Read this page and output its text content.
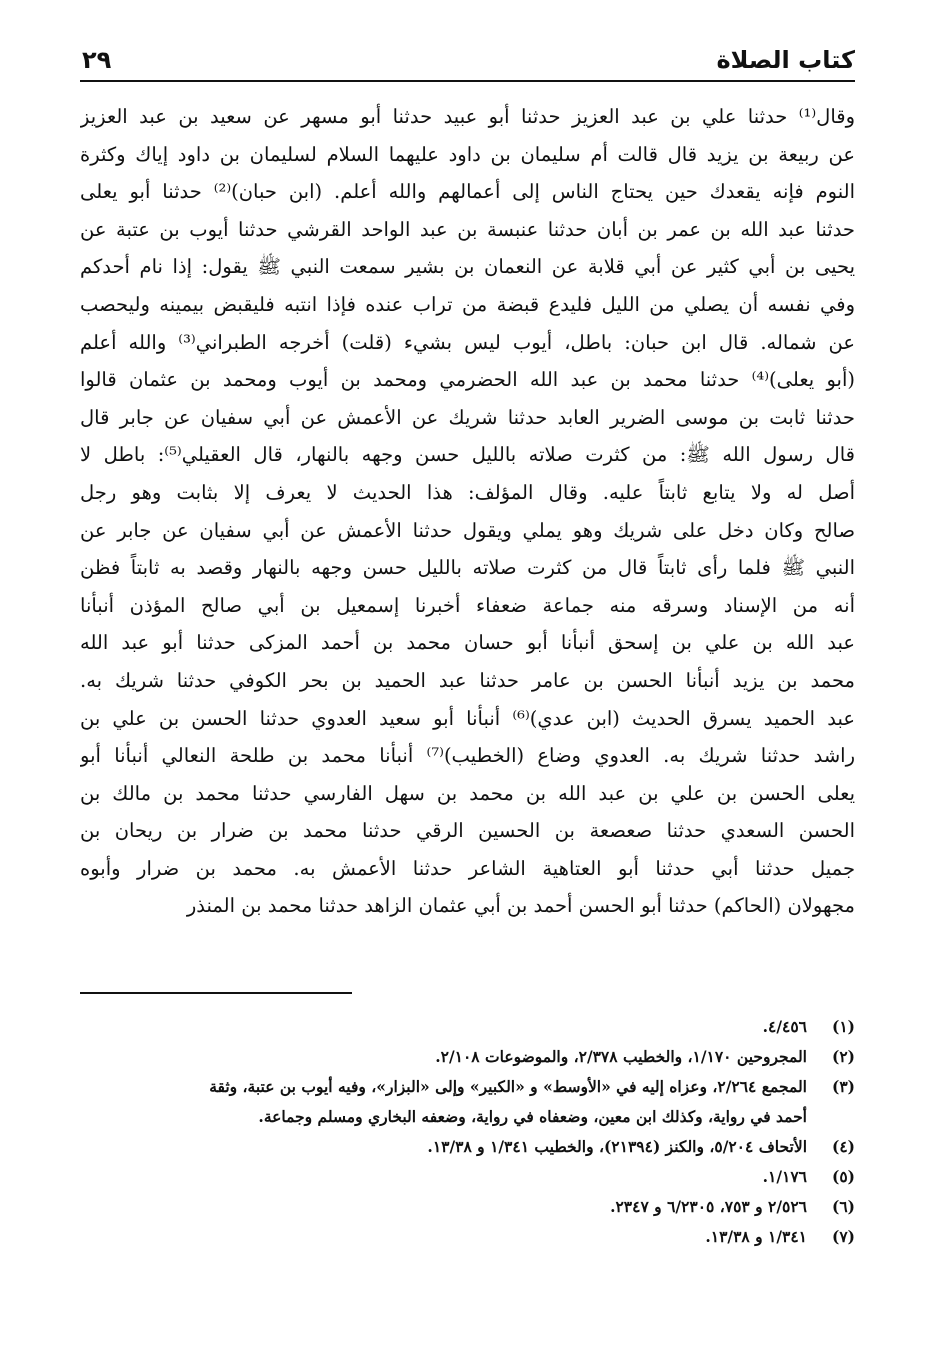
كتاب الصلاة
٢٩
وقال⁽¹⁾ حدثنا علي بن عبد العزيز حدثنا أبو عبيد حدثنا أبو مسهر عن سعيد بن عبد العزيز
عن ربيعة بن يزيد قال قالت أم سليمان بن داود عليهما السلام لسليمان بن داود إياك وكثرة
النوم فإنه يقعدك حين يحتاج الناس إلى أعمالهم والله أعلم. (ابن حبان)⁽²⁾ حدثنا أبو يعلى
حدثنا عبد الله بن عمر بن أبان حدثنا عنبسة بن عبد الواحد القرشي حدثنا أيوب بن عتبة عن
يحيى بن أبي كثير عن أبي قلابة عن النعمان بن بشير سمعت النبي ﷺ يقول: إذا نام أحدكم
وفي نفسه أن يصلي من الليل فليدع قبضة من تراب عنده فإذا انتبه فليقبض بيمينه وليحصب
عن شماله. قال ابن حبان: باطل، أيوب ليس بشيء (قلت) أخرجه الطبراني⁽³⁾ والله أعلم
(أبو يعلى)⁽⁴⁾ حدثنا محمد بن عبد الله الحضرمي ومحمد بن أيوب ومحمد بن عثمان قالوا
حدثنا ثابت بن موسى الضرير العابد حدثنا شريك عن الأعمش عن أبي سفيان عن جابر قال
قال رسول الله ﷺ: من كثرت صلاته بالليل حسن وجهه بالنهار، قال العقيلي⁽⁵⁾: باطل لا
أصل له ولا يتابع ثابتاً عليه. وقال المؤلف: هذا الحديث لا يعرف إلا بثابت وهو رجل
صالح وكان دخل على شريك وهو يملي ويقول حدثنا الأعمش عن أبي سفيان عن جابر عن
النبي ﷺ فلما رأى ثابتاً قال من كثرت صلاته بالليل حسن وجهه بالنهار وقصد به ثابتاً فظن
أنه من الإسناد وسرقه منه جماعة ضعفاء أخبرنا إسمعيل بن أبي صالح المؤذن أنبأنا
عبد الله بن علي بن إسحق أنبأنا أبو حسان محمد بن أحمد المزكى حدثنا أبو عبد الله
محمد بن يزيد أنبأنا الحسن بن عامر حدثنا عبد الحميد بن بحر الكوفي حدثنا شريك به.
عبد الحميد يسرق الحديث (ابن عدي)⁽⁶⁾ أنبأنا أبو سعيد العدوي حدثنا الحسن بن علي بن
راشد حدثنا شريك به. العدوي وضاع (الخطيب)⁽⁷⁾ أنبأنا محمد بن طلحة النعالي أنبأنا أبو
يعلى الحسن بن علي بن عبد الله بن محمد بن سهل الفارسي حدثنا محمد بن مالك بن
الحسن السعدي حدثنا صعصعة بن الحسين الرقي حدثنا محمد بن ضرار بن ريحان بن
جميل حدثنا أبي حدثنا أبو العتاهية الشاعر حدثنا الأعمش به. محمد بن ضرار وأبوه
مجهولان (الحاكم) حدثنا أبو الحسن أحمد بن أبي عثمان الزاهد حدثنا محمد بن المنذر
(١)
٤/٤٥٦.
(٢)
المجروحين ١/١٧٠، والخطيب ٢/٣٧٨، والموضوعات ٢/١٠٨.
(٣)
المجمع ٢/٢٦٤، وعزاه إليه في «الأوسط» و «الكبير» وإلى «البزار»، وفيه أيوب بن عتبة، وثقة
أحمد في رواية، وكذلك ابن معين، وضعفاه في رواية، وضعفه البخاري ومسلم وجماعة.
(٤)
الأتحاف ٥/٢٠٤، والكنز (٢١٣٩٤)، والخطيب ١/٣٤١ و ١٣/٣٨.
(٥)
١/١٧٦.
(٦)
٢/٥٢٦ و ٧٥٣، ٦/٢٣٠٥ و ٢٣٤٧.
(٧)
١/٣٤١ و ١٣/٣٨.
